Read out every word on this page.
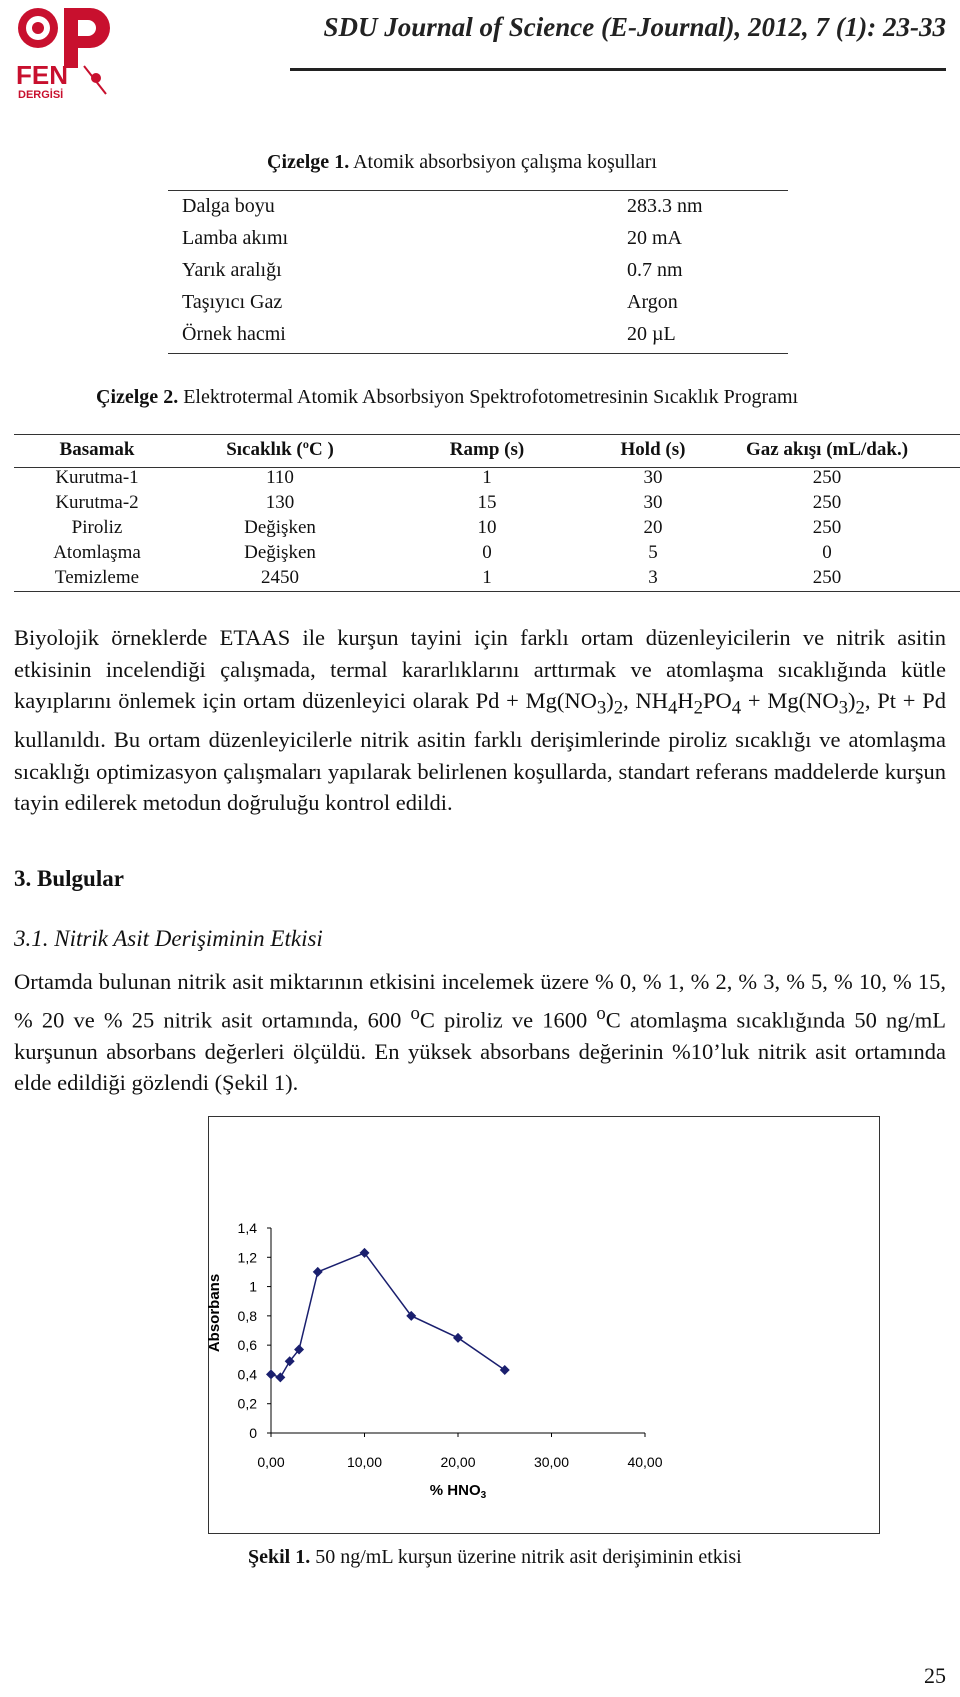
FEN
DERGİSİ
SDU Journal of Science (E-Journal), 2012, 7 (1): 23-33
Çizelge 1. Atomik absorbsiyon çalışma koşulları
Dalga boyu	283.3 nm
Lamba akımı	20 mA
Yarık aralığı	0.7 nm
Taşıyıcı Gaz	Argon
Örnek hacmi	20 µL
Çizelge 2. Elektrotermal Atomik Absorbsiyon Spektrofotometresinin Sıcaklık Programı
Basamak	Sıcaklık (ºC )	Ramp (s)	Hold (s)	Gaz akışı (mL/dak.)
Kurutma-1	110	1	30	250
Kurutma-2	130	15	30	250
Piroliz	Değişken	10	20	250
Atomlaşma	Değişken	0	5	0
Temizleme	2450	1	3	250
Biyolojik örneklerde ETAAS ile kurşun tayini için farklı ortam düzenleyicilerin ve nitrik asitin etkisinin incelendiği çalışmada, termal kararlıklarını arttırmak ve atomlaşma sıcaklığında kütle kayıplarını önlemek için ortam düzenleyici olarak $Pd + Mg(NO_3)_2$, $NH_4H_2PO_4 + Mg(NO_3)_2$, Pt + Pd kullanıldı. Bu ortam düzenleyicilerle nitrik asitin farklı derişimlerinde piroliz sıcaklığı ve atomlaşma sıcaklığı optimizasyon çalışmaları yapılarak belirlenen koşullarda, standart referans maddelerde kurşun tayin edilerek metodun doğruluğu kontrol edildi.
3. Bulgular
3.1. Nitrik Asit Derişiminin Etkisi
Ortamda bulunan nitrik asit miktarının etkisini incelemek üzere % 0, % 1, % 2, % 3, % 5, % 10, % 15, % 20 ve % 25 nitrik asit ortamında, 600 $^o$C piroliz ve 1600 $^o$C atomlaşma sıcaklığında 50 ng/mL kurşunun absorbans değerleri ölçüldü. En yüksek absorbans değerinin %10’luk nitrik asit ortamında elde edildiği gözlendi (Şekil 1).
0
0,2
0,4
0,6
0,8
1
1,2
1,4
0,00	10,00	20,00	30,00	40,00
Absorbans
% $HNO_3$
Şekil 1. 50 ng/mL kurşun üzerine nitrik asit derişiminin etkisi
25
